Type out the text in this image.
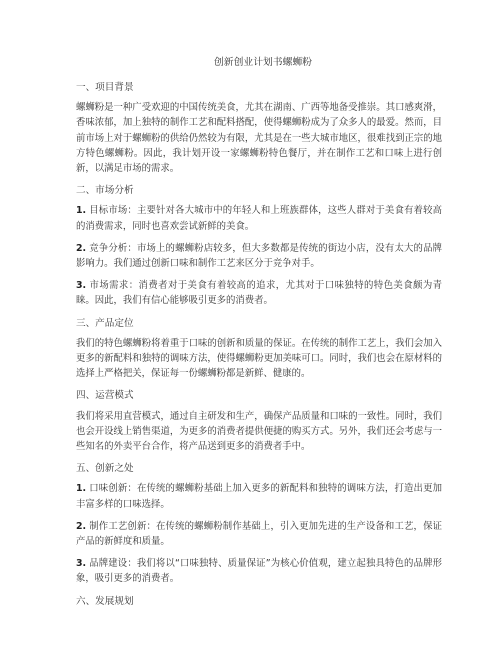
创新创业计划书螺蛳粉
一、项目背景

螺蛳粉是一种广受欢迎的中国传统美食，尤其在湖南、广西等地备受推崇。其口感爽滑，香味浓郁，加上独特的制作工艺和配料搭配，使得螺蛳粉成为了众多人的最爱。然而，目前市场上对于螺蛳粉的供给仍然较为有限，尤其是在一些大城市地区，很难找到正宗的地方特色螺蛳粉。因此，我计划开设一家螺蛳粉特色餐厅，并在制作工艺和口味上进行创新，以满足市场的需求。

二、市场分析

1. 目标市场：主要针对各大城市中的年轻人和上班族群体，这些人群对于美食有着较高的消费需求，同时也喜欢尝试新鲜的美食。

2. 竞争分析：市场上的螺蛳粉店较多，但大多数都是传统的街边小店，没有太大的品牌影响力。我们通过创新口味和制作工艺来区分于竞争对手。

3. 市场需求：消费者对于美食有着较高的追求，尤其对于口味独特的特色美食颇为青睐。因此，我们有信心能够吸引更多的消费者。

三、产品定位

我们的特色螺蛳粉将着重于口味的创新和质量的保证。在传统的制作工艺上，我们会加入更多的新配料和独特的调味方法，使得螺蛳粉更加美味可口。同时，我们也会在原材料的选择上严格把关，保证每一份螺蛳粉都是新鲜、健康的。

四、运营模式

我们将采用直营模式，通过自主研发和生产，确保产品质量和口味的一致性。同时，我们也会开设线上销售渠道，为更多的消费者提供便捷的购买方式。另外，我们还会考虑与一些知名的外卖平台合作，将产品送到更多的消费者手中。

五、创新之处

1. 口味创新：在传统的螺蛳粉基础上加入更多的新配料和独特的调味方法，打造出更加丰富多样的口味选择。

2. 制作工艺创新：在传统的螺蛳粉制作基础上，引入更加先进的生产设备和工艺，保证产品的新鲜度和质量。

3. 品牌建设：我们将以“口味独特、质量保证”为核心价值观，建立起独具特色的品牌形象，吸引更多的消费者。

六、发展规划
